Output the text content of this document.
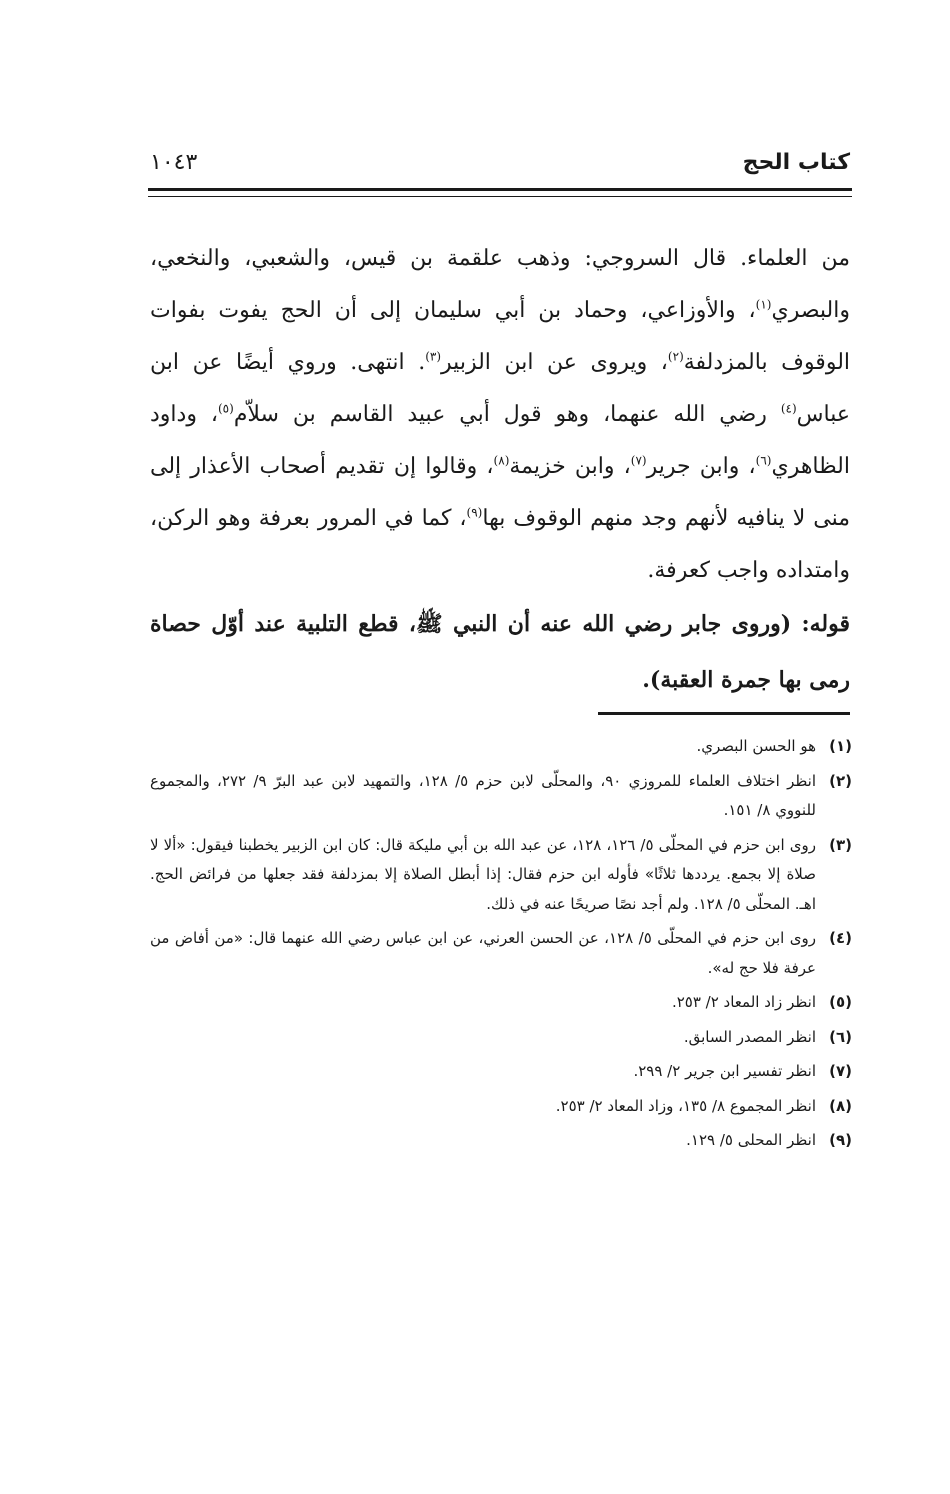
كتاب الحج
١٠٤٣

من العلماء. قال السروجي: وذهب علقمة بن قيس، والشعبي، والنخعي، والبصري$^{(١)}$، والأوزاعي، وحماد بن أبي سليمان إلى أن الحج يفوت بفوات الوقوف بالمزدلفة$^{(٢)}$، ويروى عن ابن الزبير$^{(٣)}$. انتهى. وروي أيضًا عن ابن عباس$^{(٤)}$ رضي الله عنهما، وهو قول أبي عبيد القاسم بن سلاّم$^{(٥)}$، وداود الظاهري$^{(٦)}$، وابن جرير$^{(٧)}$، وابن خزيمة$^{(٨)}$، وقالوا إن تقديم أصحاب الأعذار إلى منى لا ينافيه لأنهم وجد منهم الوقوف بها$^{(٩)}$، كما في المرور بعرفة وهو الركن، وامتداده واجب كعرفة.

قوله: (وروى جابر رضي الله عنه أن النبي ﷺ، قطع التلبية عند أوّل حصاة رمى بها جمرة العقبة).
(١)
هو الحسن البصري.
(٢)
انظر اختلاف العلماء للمروزي ٩٠، والمحلّى لابن حزم ٥/ ١٢٨، والتمهيد لابن عبد البرّ ٩/ ٢٧٢، والمجموع للنووي ٨/ ١٥١.
(٣)
روى ابن حزم في المحلّى ٥/ ١٢٦، ١٢٨، عن عبد الله بن أبي مليكة قال: كان ابن الزبير يخطبنا فيقول: «ألا لا صلاة إلا بجمع. يرددها ثلاثًا» فأوله ابن حزم فقال: إذا أبطل الصلاة إلا بمزدلفة فقد جعلها من فرائض الحج. اهـ. المحلّى ٥/ ١٢٨. ولم أجد نصًا صريحًا عنه في ذلك.
(٤)
روى ابن حزم في المحلّى ٥/ ١٢٨، عن الحسن العرني، عن ابن عباس رضي الله عنهما قال: «من أفاض من عرفة فلا حج له».
(٥)
انظر زاد المعاد ٢/ ٢٥٣.
(٦)
انظر المصدر السابق.
(٧)
انظر تفسير ابن جرير ٢/ ٢٩٩.
(٨)
انظر المجموع ٨/ ١٣٥، وزاد المعاد ٢/ ٢٥٣.
(٩)
انظر المحلى ٥/ ١٢٩.
